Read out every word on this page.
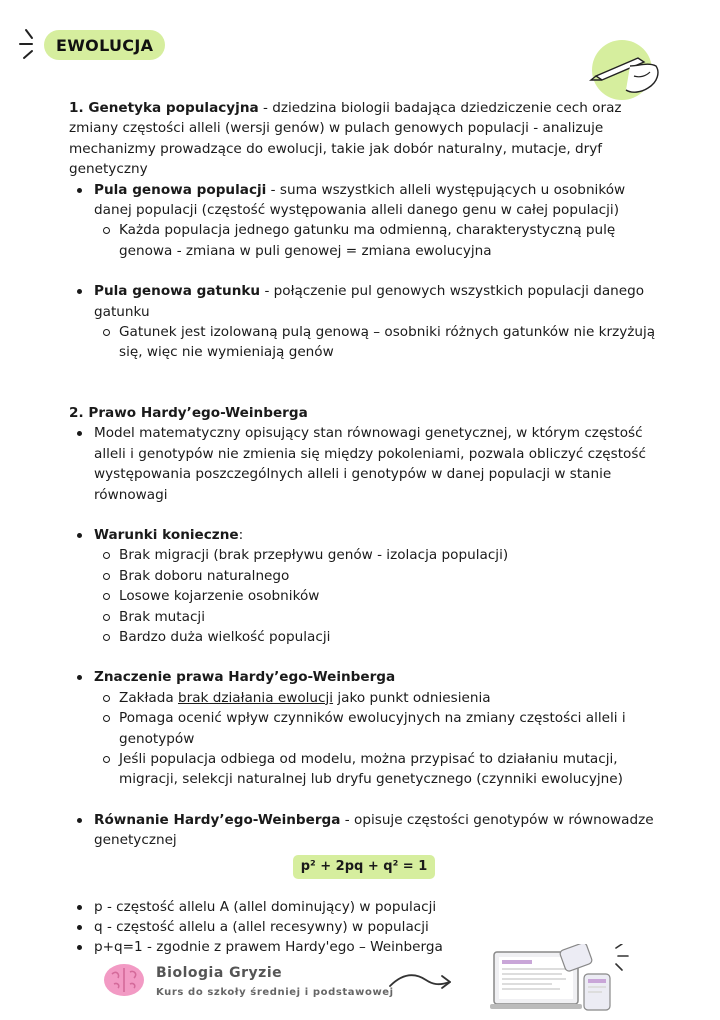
EWOLUCJA

1. Genetyka populacyjna - dziedzina biologii badająca dziedziczenie cech oraz zmiany częstości alleli (wersji genów) w pulach genowych populacji - analizuje mechanizmy prowadzące do ewolucji, takie jak dobór naturalny, mutacje, dryf genetyczny

Pula genowa populacji - suma wszystkich alleli występujących u osobników danej populacji (częstość występowania alleli danego genu w całej populacji)
Każda populacja jednego gatunku ma odmienną, charakterystyczną pulę genowa - zmiana w puli genowej = zmiana ewolucyjna
Pula genowa gatunku - połączenie pul genowych wszystkich populacji danego gatunku
Gatunek jest izolowaną pulą genową – osobniki różnych gatunków nie krzyżują się, więc nie wymieniają genów

2. Prawo Hardy’ego-Weinberga

Model matematyczny opisujący stan równowagi genetycznej, w którym częstość alleli i genotypów nie zmienia się między pokoleniami, pozwala obliczyć częstość występowania poszczególnych alleli i genotypów w danej populacji w stanie równowagi
Warunki konieczne:
Brak migracji (brak przepływu genów - izolacja populacji)
Brak doboru naturalnego
Losowe kojarzenie osobników
Brak mutacji
Bardzo duża wielkość populacji
Znaczenie prawa Hardy’ego-Weinberga
Zakłada brak działania ewolucji jako punkt odniesienia
Pomaga ocenić wpływ czynników ewolucyjnych na zmiany częstości alleli i genotypów
Jeśli populacja odbiega od modelu, można przypisać to działaniu mutacji, migracji, selekcji naturalnej lub dryfu genetycznego (czynniki ewolucyjne)
Równanie Hardy’ego-Weinberga - opisuje częstości genotypów w równowadze genetycznej
p² + 2pq + q² = 1
p - częstość allelu A (allel dominujący) w populacji
q - częstość allelu a (allel recesywny) w populacji
p+q=1 - zgodnie z prawem Hardy'ego – Weinberga
Biologia Gryzie
Kurs do szkoły średniej i podstawowej
